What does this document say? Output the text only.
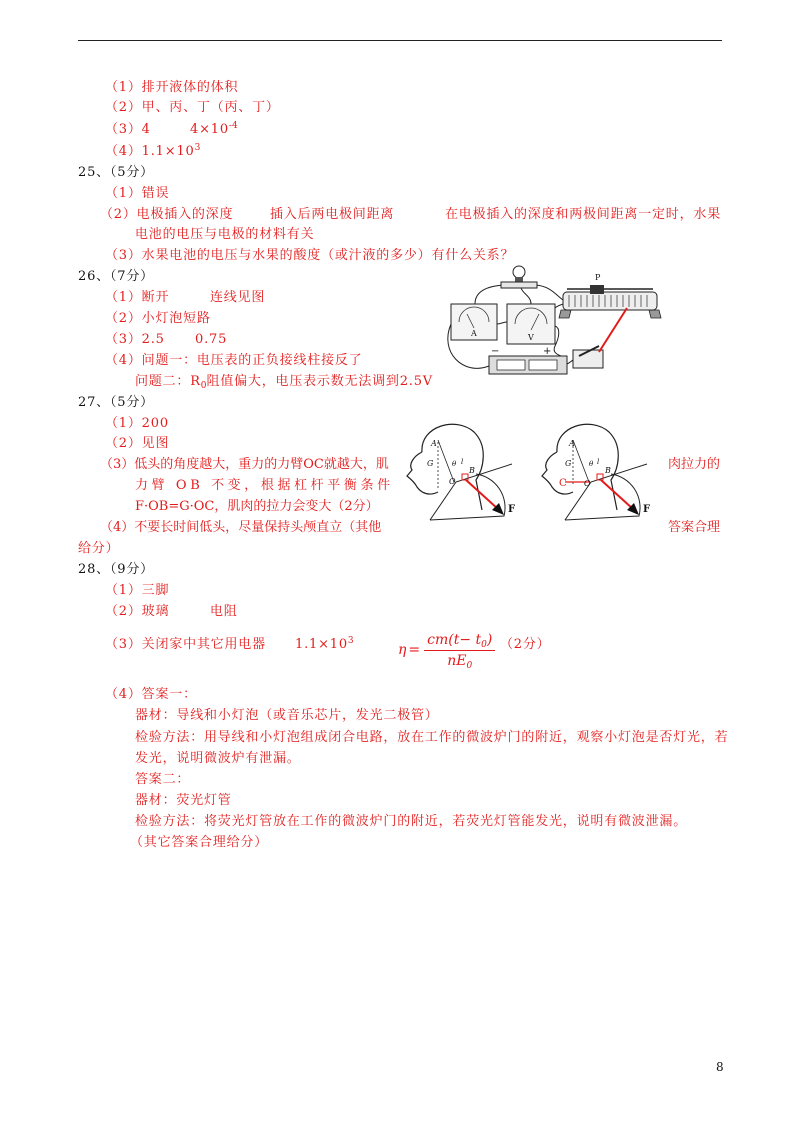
（1）排开液体的体积
（2）甲、丙、丁（丙、丁）
（3）4	$4\times 10^{-4}$
$(4)1.1\times 10^3$
25、（5分）
（1）错误
（2）电极插入的深度	插入后两电极间距离	在电极插入的深度和两极间距离一定时，水果
电池的电压与电极的材料有关
（3）水果电池的电压与水果的酸度（或汁液的多少）有什么关系？
26、（7分）
（1）断开	连线见图
（2）小灯泡短路
（3）2.5 0.75
（4）问题一：电压表的正负接线柱接反了
问题二：$R_0$阻值偏大，电压表示数无法调到2.5V
P
A	V
−	+
27、（5分）
（1）200
（2）见图
（3）低头的角度越大，重力的力臂OC就越大，肌	肉拉力的
力臂 OB 不变，根据杠杆平衡条件
F·OB=G·OC，肌肉的拉力会变大（2分）
（4）不要长时间低头，尽量保持头颅直立（其他	答案合理
给分）
A
G	θ l
O
B
F
A
G	θ l
C O
B
F
28、（9分）
（1）三脚
（2）玻璃	电阻
（3）关闭家中其它用电器 $1.1\times 10^3$
$\eta = \frac{cm(t- t_0)}{nE_0} (2$分）
（4）答案一：
器材：导线和小灯泡（或音乐芯片，发光二极管）
检验方法：用导线和小灯泡组成闭合电路，放在工作的微波炉门的附近，观察小灯泡是否灯光，若
发光，说明微波炉有泄漏。
答案二：
器材：荧光灯管
检验方法：将荧光灯管放在工作的微波炉门的附近，若荧光灯管能发光，说明有微波泄漏。
（其它答案合理给分）
8
